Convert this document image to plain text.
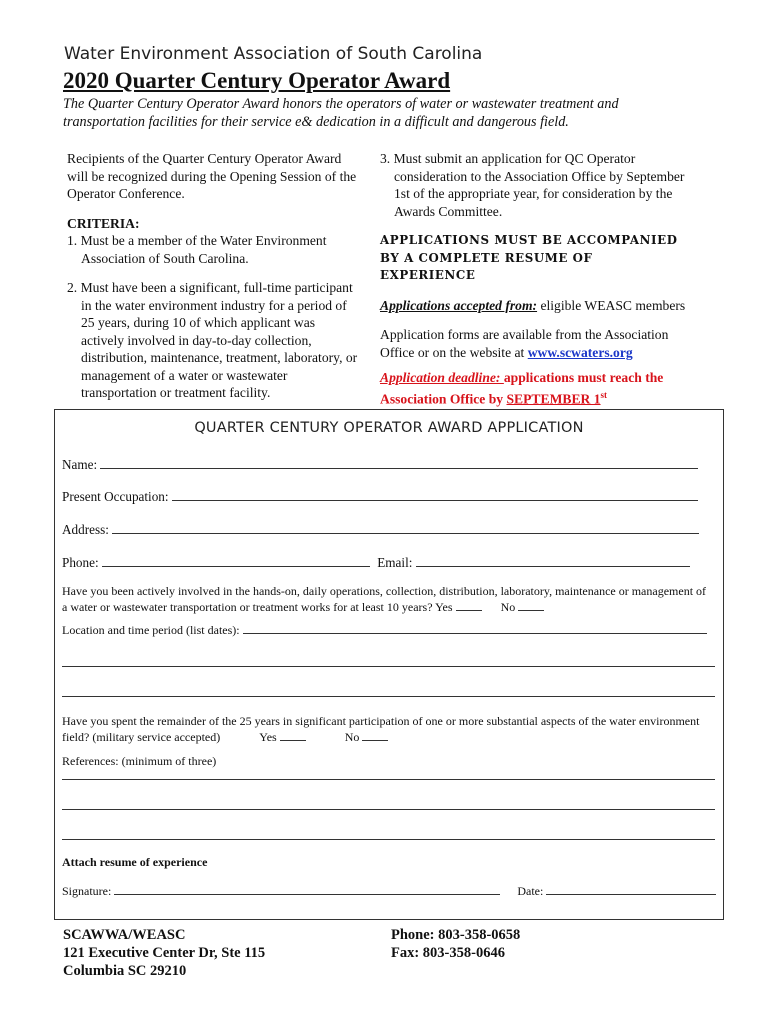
Water Environment Association of South Carolina
2020 Quarter Century Operator Award
The Quarter Century Operator Award honors the operators of water or wastewater treatment and transportation facilities for their service e& dedication in a difficult and dangerous field.

Recipients of the Quarter Century Operator Award will be recognized during the Opening Session of the Operator Conference.

CRITERIA:

1. Must be a member of the Water Environment Association of South Carolina.

2. Must have been a significant, full-time participant in the water environment industry for a period of 25 years, during 10 of which applicant was actively involved in day-to-day collection, distribution, maintenance, treatment, laboratory, or management of a water or wastewater transportation or treatment facility.

3. Must submit an application for QC Operator consideration to the Association Office by September 1st of the appropriate year, for consideration by the Awards Committee.

APPLICATIONS MUST BE ACCOMPANIED BY A COMPLETE RESUME OF EXPERIENCE

Applications accepted from: eligible WEASC members

Application forms are available from the Association Office or on the website at www.scwaters.org

Application deadline: applications must reach the Association Office by SEPTEMBER 1st

QUARTER CENTURY OPERATOR AWARD APPLICATION
Name:
Present Occupation:
Address:
Phone:	Email:
Have you been actively involved in the hands-on, daily operations, collection, distribution, laboratory, maintenance or management of a water or wastewater transportation or treatment works for at least 10 years? Yes	No
Location and time period (list dates):
Have you spent the remainder of the 25 years in significant participation of one or more substantial aspects of the water environment field? (military service accepted)	Yes	No
References: (minimum of three)
Attach resume of experience
Signature:	Date:
SCAWWA/WEASC
121 Executive Center Dr, Ste 115
Columbia SC 29210
Phone: 803-358-0658
Fax: 803-358-0646
